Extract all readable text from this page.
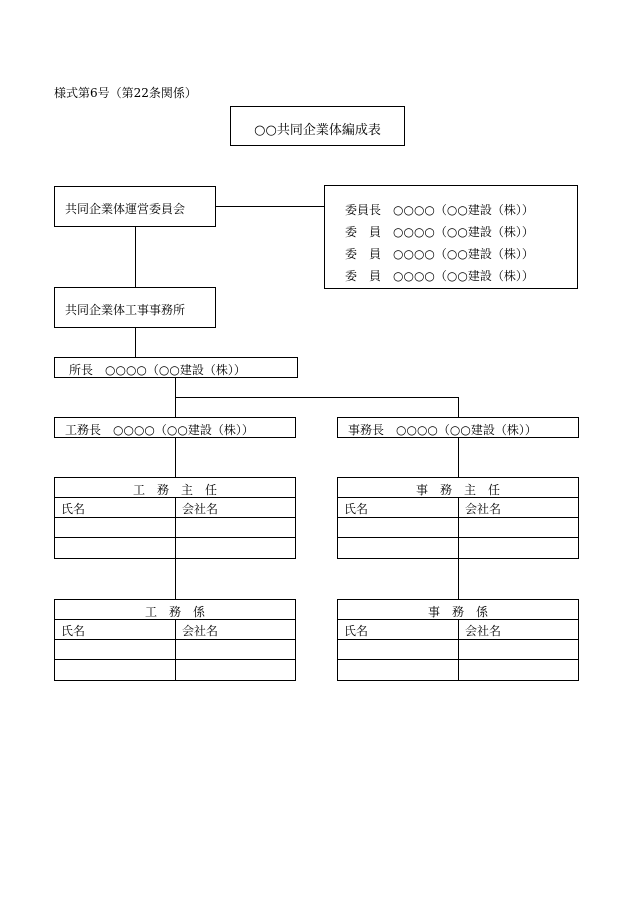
様式第6号（第22条関係）
○○共同企業体編成表
共同企業体運営委員会	委員長　○○○○（○○建設（株））
委　員　○○○○（○○建設（株））
委　員　○○○○（○○建設（株））
委　員　○○○○（○○建設（株））
共同企業体工事事務所
所長　○○○○（○○建設（株））
工務長　○○○○（○○建設（株））	事務長　○○○○（○○建設（株））
工　務　主　任
氏名	会社名
事　務　主　任
氏名	会社名
工　務　係
氏名	会社名
事　務　係
氏名	会社名
